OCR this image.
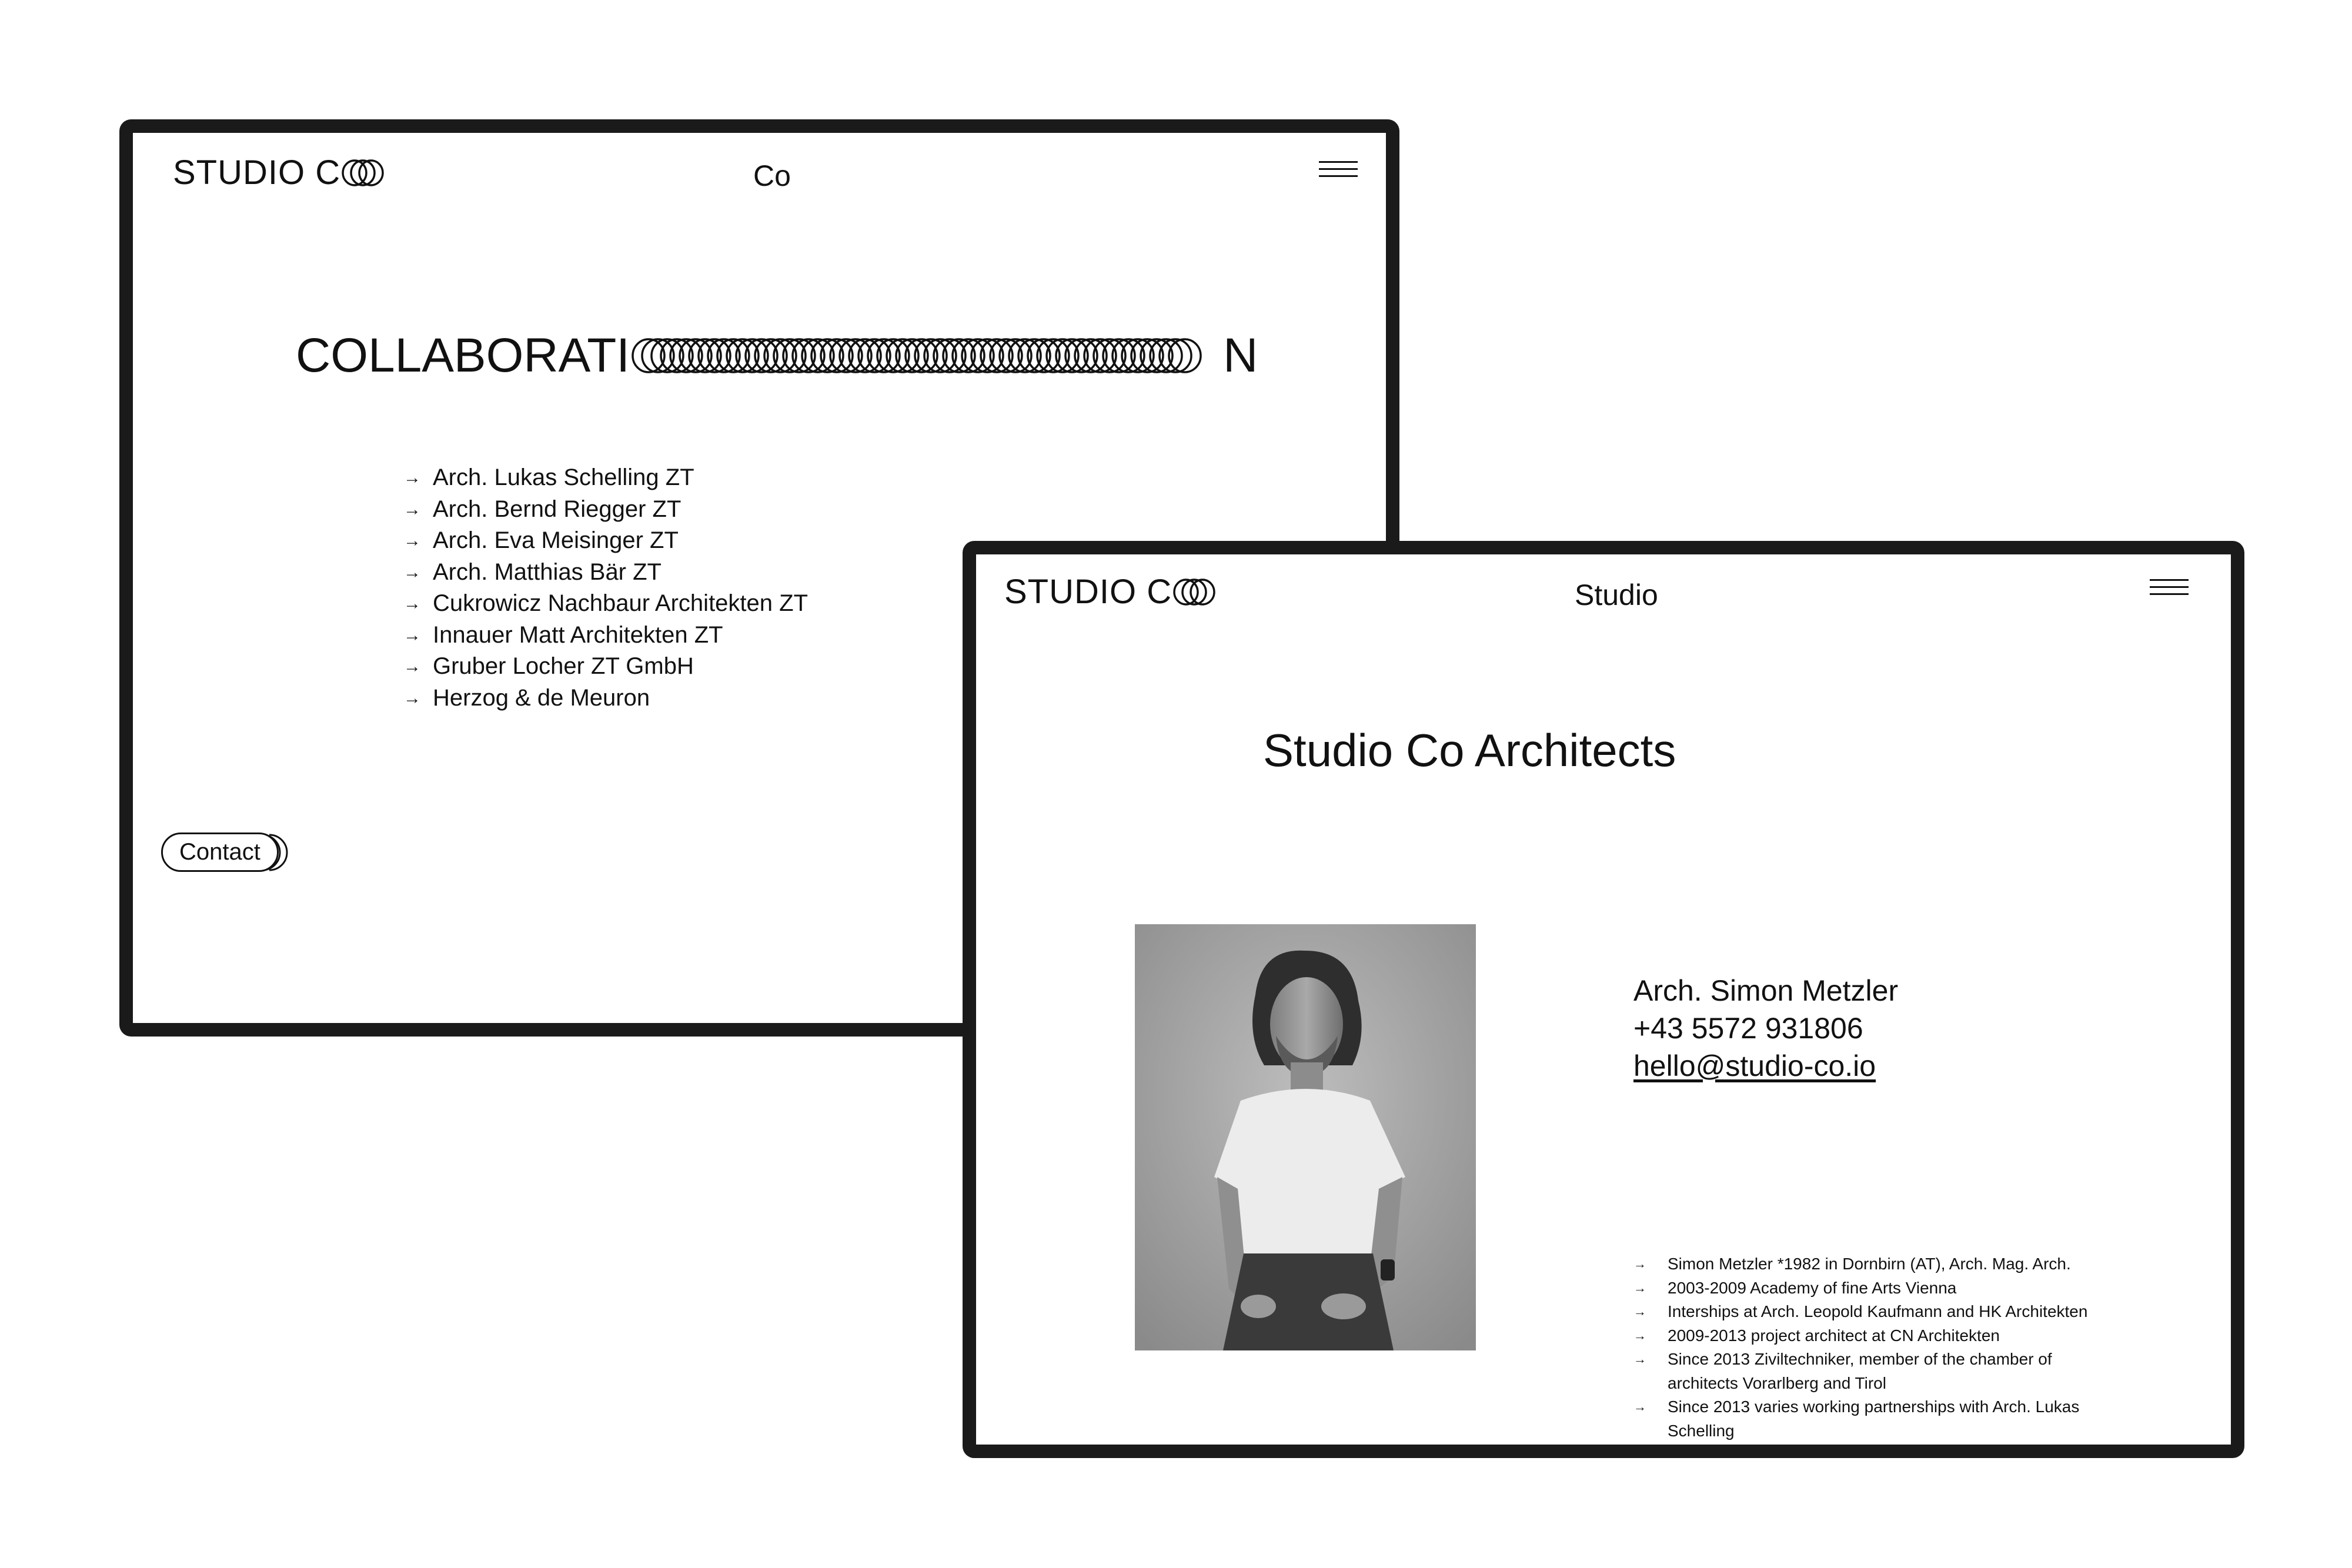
STUDIO C	Co
COLLABORATI	N
→ Arch. Lukas Schelling ZT
→ Arch. Bernd Riegger ZT
→ Arch. Eva Meisinger ZT
→ Arch. Matthias Bär ZT
→ Cukrowicz Nachbaur Architekten ZT
→ Innauer Matt Architekten ZT
→ Gruber Locher ZT GmbH
→ Herzog & de Meuron
Contact
STUDIO C	Studio
Studio Co Architects
Arch. Simon Metzler
+43 5572 931806
hello@studio-co.io
→	Simon Metzler *1982 in Dornbirn (AT), Arch. Mag. Arch.
→	2003-2009 Academy of fine Arts Vienna
→	Interships at Arch. Leopold Kaufmann and HK Architekten
→	2009-2013 project architect at CN Architekten
→	Since 2013 Ziviltechniker, member of the chamber of architects Vorarlberg and Tirol
→	Since 2013 varies working partnerships with Arch. Lukas Schelling
